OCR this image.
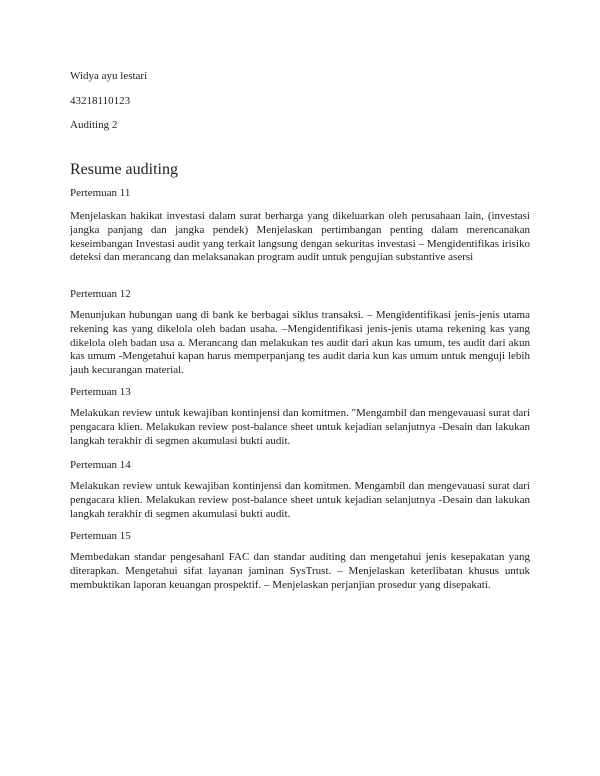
Widya ayu lestari
43218110123
Auditing 2
Resume auditing
Pertemuan 11
Menjelaskan hakikat investasi dalam surat berharga yang dikeluarkan oleh perusahaan lain, (investasi jangka panjang dan jangka pendek) Menjelaskan pertimbangan penting dalam merencanakan keseimbangan Investasi audit yang terkait langsung dengan sekuritas investasi – Mengidentifikas irisiko deteksi dan merancang dan melaksanakan program audit untuk pengujian substantive asersi
Pertemuan 12
Menunjukan hubungan uang di bank ke berbagai siklus transaksi. – Mengidentifikasi jenis-jenis utama rekening kas yang dikelola oleh badan usaha. –Mengidentifikasi jenis-jenis utama rekening kas yang dikelola oleh badan usa a. Merancang dan melakukan tes audit dari akun kas umum, tes audit dari akun kas umum -Mengetahui kapan harus memperpanjang tes audit daria kun kas umum untuk menguji lebih jauh kecurangan material.
Pertemuan 13
Melakukan review untuk kewajiban kontinjensi dan komitmen. "Mengambil dan mengevauasi surat dari pengacara klien. Melakukan review post-balance sheet untuk kejadian selanjutnya -Desain dan lakukan langkah terakhir di segmen akumulasi bukti audit.
Pertemuan 14
Melakukan review untuk kewajiban kontinjensi dan komitmen. Mengambil dan mengevauasi surat dari pengacara klien. Melakukan review post-balance sheet untuk kejadian selanjutnya -Desain dan lakukan langkah terakhir di segmen akumulasi bukti audit.
Pertemuan 15
Membedakan standar pengesahanl FAC dan standar auditing dan mengetahui jenis kesepakatan yang diterapkan. Mengetahui sifat layanan jaminan SysTrust. – Menjelaskan keterlibatan khusus untuk membuktikan laporan keuangan prospektif. – Menjelaskan perjanjian prosedur yang disepakati.
